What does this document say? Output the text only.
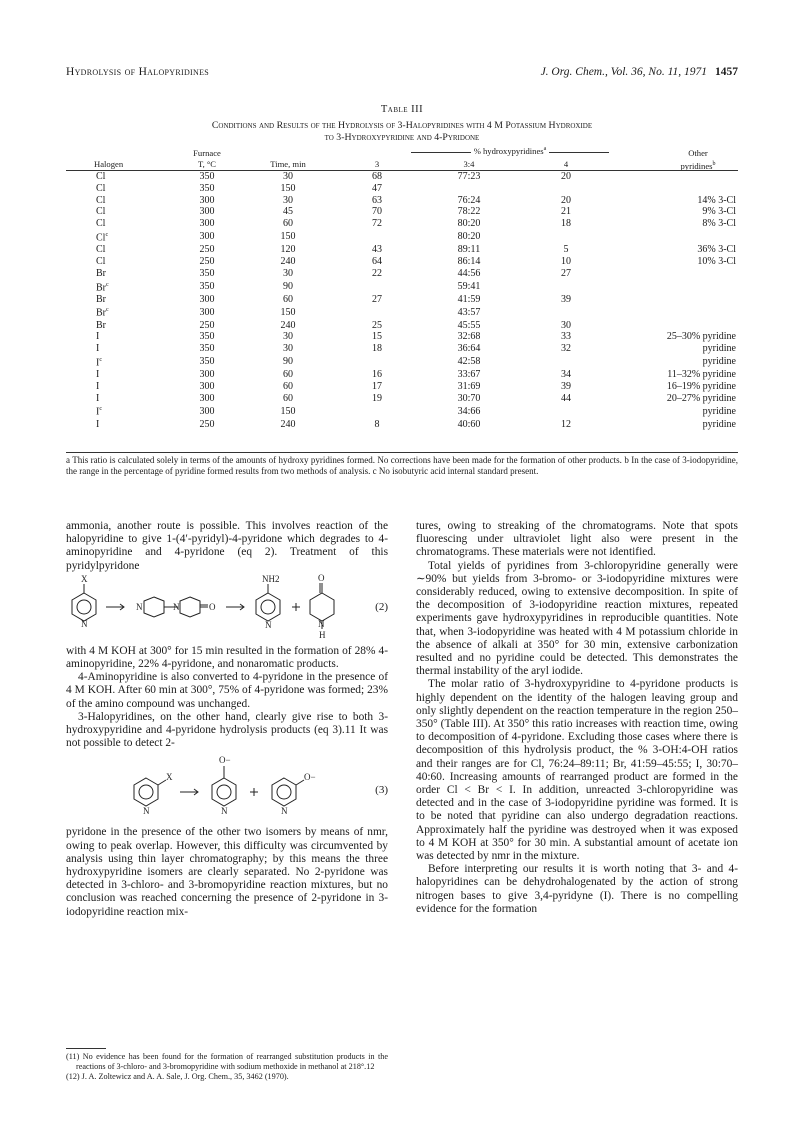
Hydrolysis of Halopyridines	J. Org. Chem., Vol. 36, No. 11, 1971 1457
Table III
Conditions and Results of the Hydrolysis of 3-Halopyridines with 4 M Potassium Hydroxide
to 3-Hydroxypyridine and 4-Pyridone
Halogen
Furnace
T, °C	Time, min
% hydroxypyridines$^a$
3	3:4	4
Other
pyridines$^b$
Cl	350	30	68	77:23	20	
Cl	350	150	47			
Cl	300	30	63	76:24	20	14% 3-Cl
Cl	300	45	70	78:22	21	9% 3-Cl
Cl	300	60	72	80:20	18	8% 3-Cl
Cl$^c$	300	150		80:20		
Cl	250	120	43	89:11	5	36% 3-Cl
Cl	250	240	64	86:14	10	10% 3-Cl
Br	350	30	22	44:56	27	
Br$^c$	350	90		59:41		
Br	300	60	27	41:59	39	
Br$^c$	300	150		43:57		
Br	250	240	25	45:55	30	
I	350	30	15	32:68	33	25–30% pyridine
I	350	30	18	36:64	32	pyridine
$I^c$	350	90		42:58		pyridine
I	300	60	16	33:67	34	11–32% pyridine
I	300	60	17	31:69	39	16–19% pyridine
I	300	60	19	30:70	44	20–27% pyridine
$I^c$	300	150		34:66		pyridine
I	250	240	8	40:60	12	pyridine
a This ratio is calculated solely in terms of the amounts of hydroxy pyridines formed. No corrections have been made for the formation of other products. b In the case of 3-iodopyridine, the range in the percentage of pyridine formed results from two methods of analysis. c No isobutyric acid internal standard present.

ammonia, another route is possible. This involves reaction of the halopyridine to give 1-(4′-pyridyl)-4-pyridone which degrades to 4-aminopyridine and 4-pyridone (eq 2). Treatment of this pyridylpyridone

X
N
N	N	O
NH2
N
O
N
H
(2)

with 4 M KOH at 300° for 15 min resulted in the formation of 28% 4-aminopyridine, 22% 4-pyridone, and nonaromatic products.

4-Aminopyridine is also converted to 4-pyridone in the presence of 4 M KOH. After 60 min at 300°, 75% of 4-pyridone was formed; 23% of the amino compound was unchanged.

3-Halopyridines, on the other hand, clearly give rise to both 3-hydroxypyridine and 4-pyridone hydrolysis products (eq 3).11 It was not possible to detect 2-

X
N
O−
N
O−
N
(3)

pyridone in the presence of the other two isomers by means of nmr, owing to peak overlap. However, this difficulty was circumvented by analysis using thin layer chromatography; by this means the three hydroxypyridine isomers are clearly separated. No 2-pyridone was detected in 3-chloro- and 3-bromopyridine reaction mixtures, but no conclusion was reached concerning the presence of 2-pyridone in 3-iodopyridine reaction mix-

(11) No evidence has been found for the formation of rearranged substitution products in the reactions of 3-chloro- and 3-bromopyridine with sodium methoxide in methanol at 218°.12

(12) J. A. Zoltewicz and A. A. Sale, J. Org. Chem., 35, 3462 (1970).

tures, owing to streaking of the chromatograms. Note that spots fluorescing under ultraviolet light also were present in the chromatograms. These materials were not identified.

Total yields of pyridines from 3-chloropyridine generally were ∼90% but yields from 3-bromo- or 3-iodopyridine mixtures were considerably reduced, owing to extensive decomposition. In spite of the decomposition of 3-iodopyridine reaction mixtures, repeated experiments gave hydroxypyridines in reproducible quantities. Note that, when 3-iodopyridine was heated with 4 M potassium chloride in the absence of alkali at 350° for 30 min, extensive carbonization resulted and no pyridine could be detected. This demonstrates the thermal instability of the aryl iodide.

The molar ratio of 3-hydroxypyridine to 4-pyridone products is highly dependent on the identity of the halogen leaving group and only slightly dependent on the reaction temperature in the region 250–350° (Table III). At 350° this ratio increases with reaction time, owing to decomposition of 4-pyridone. Excluding those cases where there is decomposition of this hydrolysis product, the % 3-OH:4-OH ratios and their ranges are for Cl, 76:24–89:11; Br, 41:59–45:55; I, 30:70–40:60. Increasing amounts of rearranged product are formed in the order Cl < Br < I. In addition, unreacted 3-chloropyridine was detected and in the case of 3-iodopyridine pyridine was formed. It is to be noted that pyridine can also undergo degradation reactions. Approximately half the pyridine was destroyed when it was exposed to 4 M KOH at 350° for 30 min. A substantial amount of acetate ion was detected by nmr in the mixture.

Before interpreting our results it is worth noting that 3- and 4-halopyridines can be dehydrohalogenated by the action of strong nitrogen bases to give 3,4-pyridyne (I). There is no compelling evidence for the formation
